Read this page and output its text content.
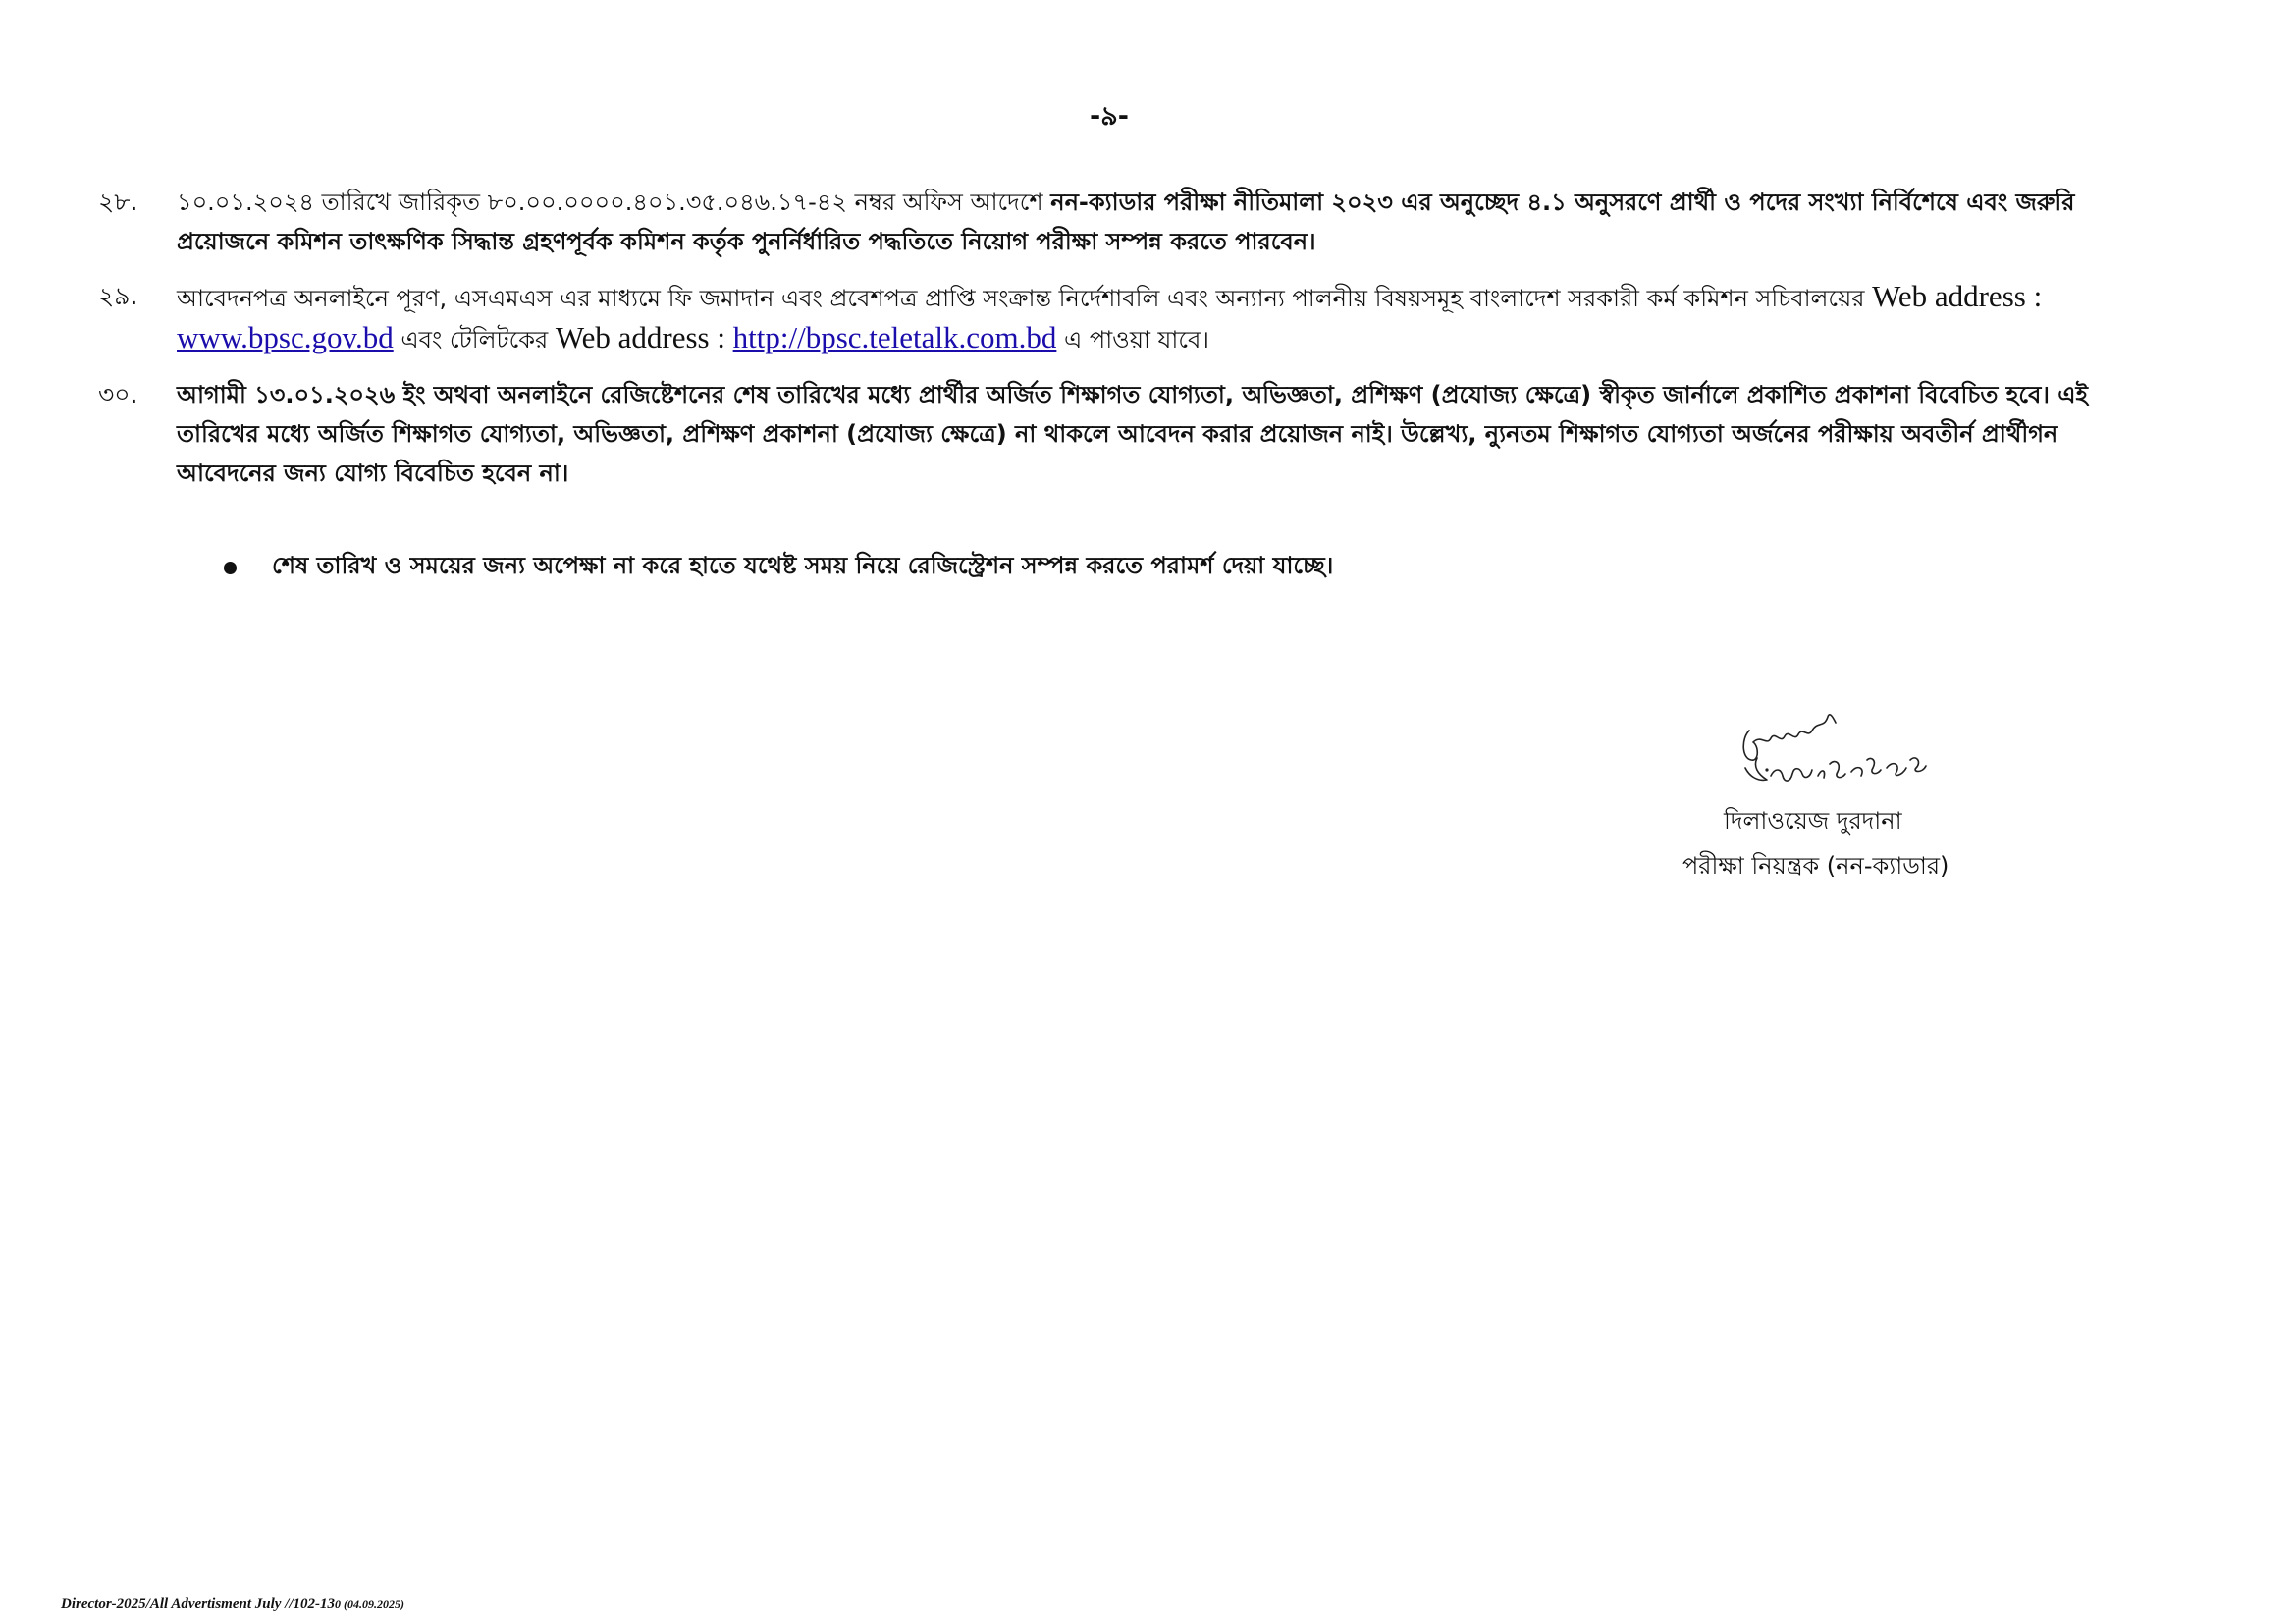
-৯-
২৮.	১০.০১.২০২৪ তারিখে জারিকৃত ৮০.০০.০০০০.৪০১.৩৫.০৪৬.১৭-৪২ নম্বর অফিস আদেশে নন-ক্যাডার পরীক্ষা নীতিমালা ২০২৩ এর অনুচ্ছেদ ৪.১ অনুসরণে প্রার্থী ও পদের সংখ্যা নির্বিশেষে এবং জরুরি প্রয়োজনে কমিশন তাৎক্ষণিক সিদ্ধান্ত গ্রহণপূর্বক কমিশন কর্তৃক পুনর্নির্ধারিত পদ্ধতিতে নিয়োগ পরীক্ষা সম্পন্ন করতে পারবেন।
২৯.	আবেদনপত্র অনলাইনে পূরণ, এসএমএস এর মাধ্যমে ফি জমাদান এবং প্রবেশপত্র প্রাপ্তি সংক্রান্ত নির্দেশাবলি এবং অন্যান্য পালনীয় বিষয়সমূহ বাংলাদেশ সরকারী কর্ম কমিশন সচিবালয়ের Web address : www.bpsc.gov.bd এবং টেলিটকের Web address : http://bpsc.teletalk.com.bd এ পাওয়া যাবে।
৩০.	আগামী ১৩.০১.২০২৬ ইং অথবা অনলাইনে রেজিষ্টেশনের শেষ তারিখের মধ্যে প্রার্থীর অর্জিত শিক্ষাগত যোগ্যতা, অভিজ্ঞতা, প্রশিক্ষণ (প্রযোজ্য ক্ষেত্রে) স্বীকৃত জার্নালে প্রকাশিত প্রকাশনা বিবেচিত হবে। এই তারিখের মধ্যে অর্জিত শিক্ষাগত যোগ্যতা, অভিজ্ঞতা, প্রশিক্ষণ প্রকাশনা (প্রযোজ্য ক্ষেত্রে) না থাকলে আবেদন করার প্রয়োজন নাই। উল্লেখ্য, ন্যুনতম শিক্ষাগত যোগ্যতা অর্জনের পরীক্ষায় অবতীর্ন প্রার্থীগন আবেদনের জন্য যোগ্য বিবেচিত হবেন না।
শেষ তারিখ ও সময়ের জন্য অপেক্ষা না করে হাতে যথেষ্ট সময় নিয়ে রেজিস্ট্রেশন সম্পন্ন করতে পরামর্শ দেয়া যাচ্ছে।
দিলাওয়েজ দুরদানা
পরীক্ষা নিয়ন্ত্রক (নন-ক্যাডার)
Director-2025/All Advertisment July //102-130 (04.09.2025)
